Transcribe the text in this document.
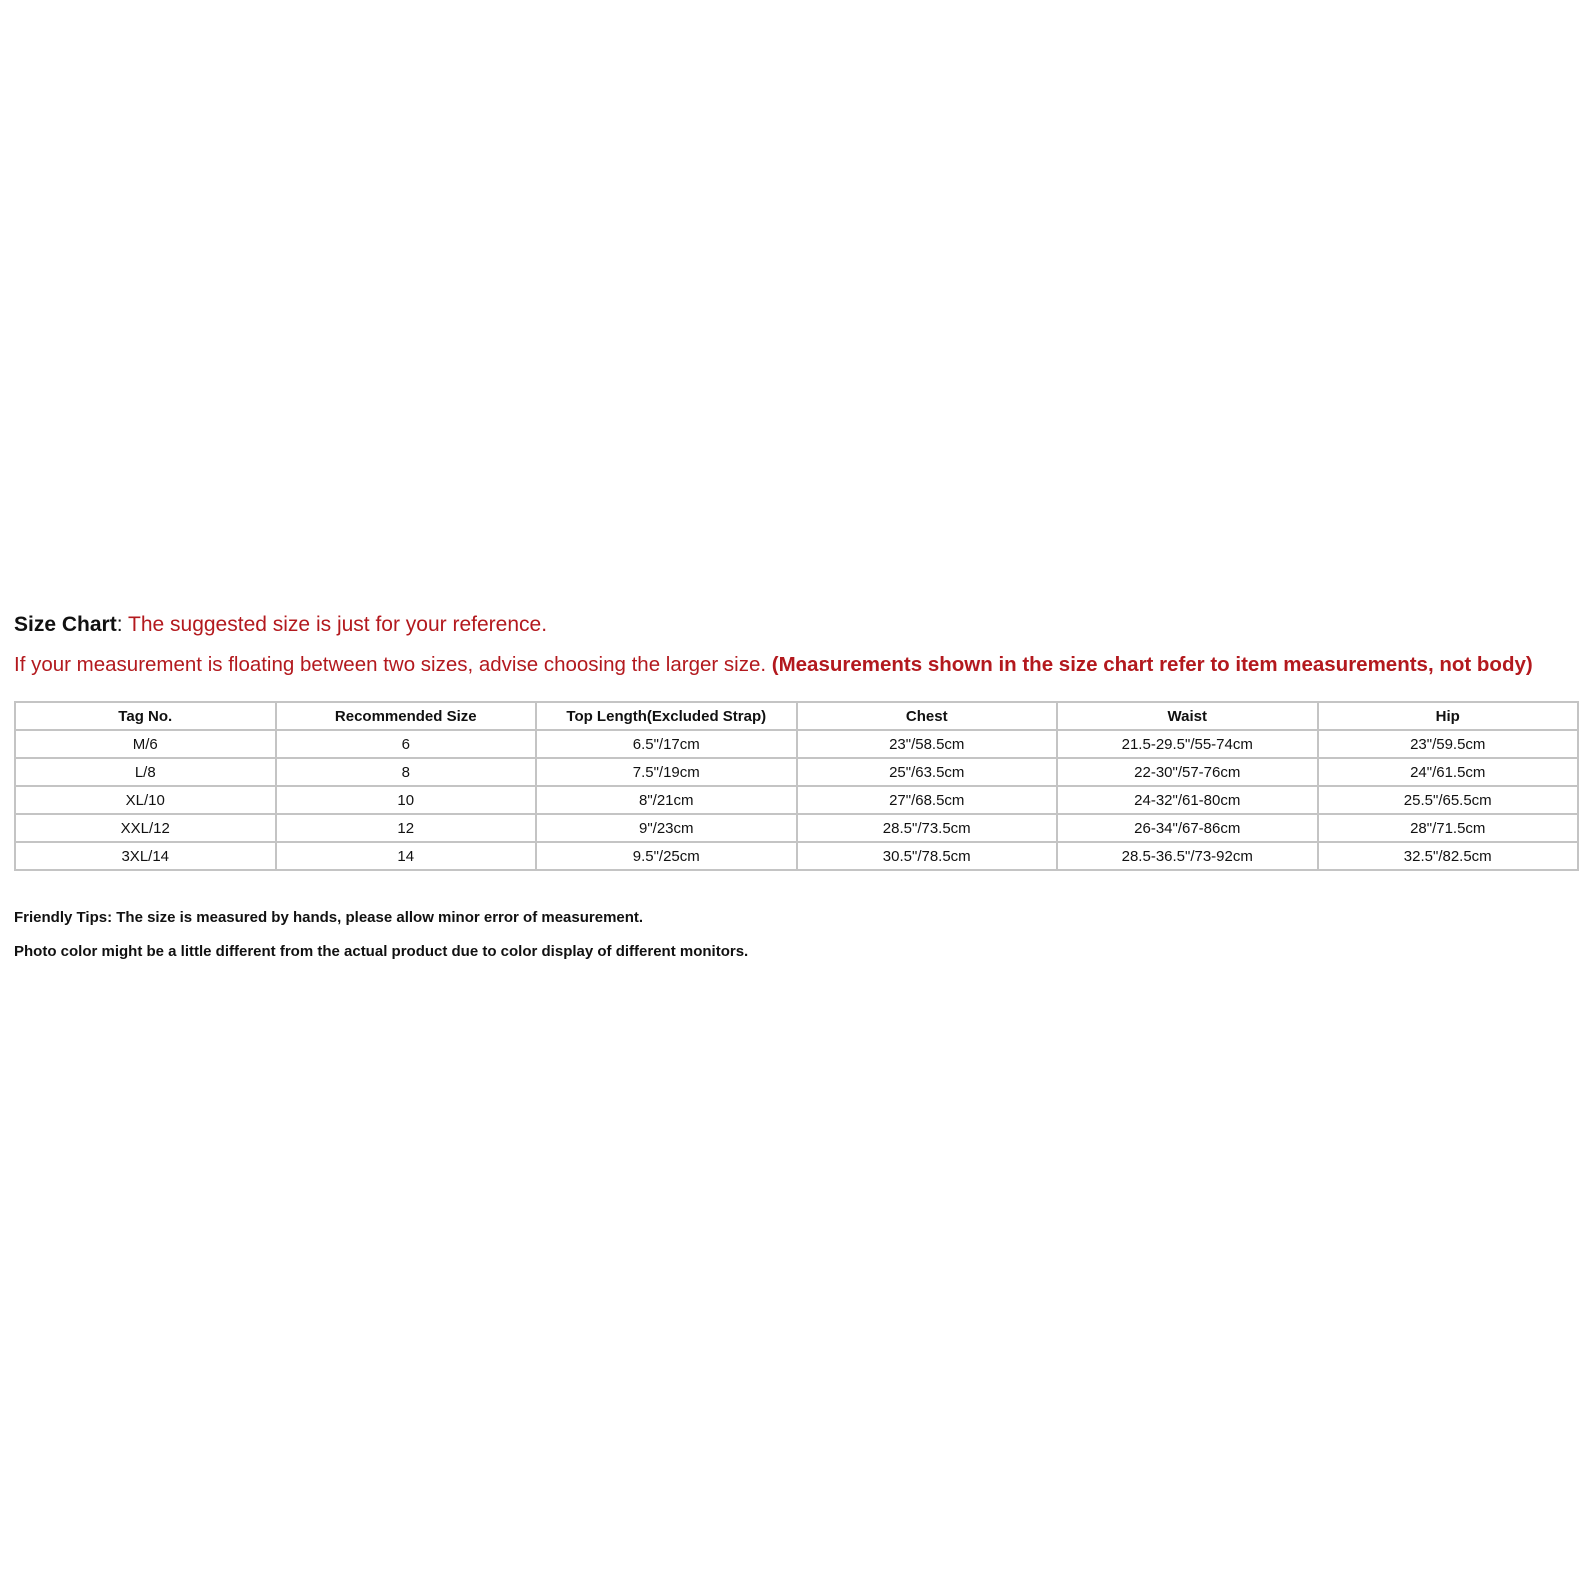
Size Chart: The suggested size is just for your reference.
If your measurement is floating between two sizes, advise choosing the larger size. (Measurements shown in the size chart refer to item measurements, not body)
Tag No.	Recommended Size	Top Length(Excluded Strap)	Chest	Waist	Hip
M/6	6	6.5"/17cm	23"/58.5cm	21.5-29.5"/55-74cm	23"/59.5cm
L/8	8	7.5"/19cm	25"/63.5cm	22-30"/57-76cm	24"/61.5cm
XL/10	10	8"/21cm	27"/68.5cm	24-32"/61-80cm	25.5"/65.5cm
XXL/12	12	9"/23cm	28.5"/73.5cm	26-34"/67-86cm	28"/71.5cm
3XL/14	14	9.5"/25cm	30.5"/78.5cm	28.5-36.5"/73-92cm	32.5"/82.5cm
Friendly Tips: The size is measured by hands, please allow minor error of measurement.
Photo color might be a little different from the actual product due to color display of different monitors.
